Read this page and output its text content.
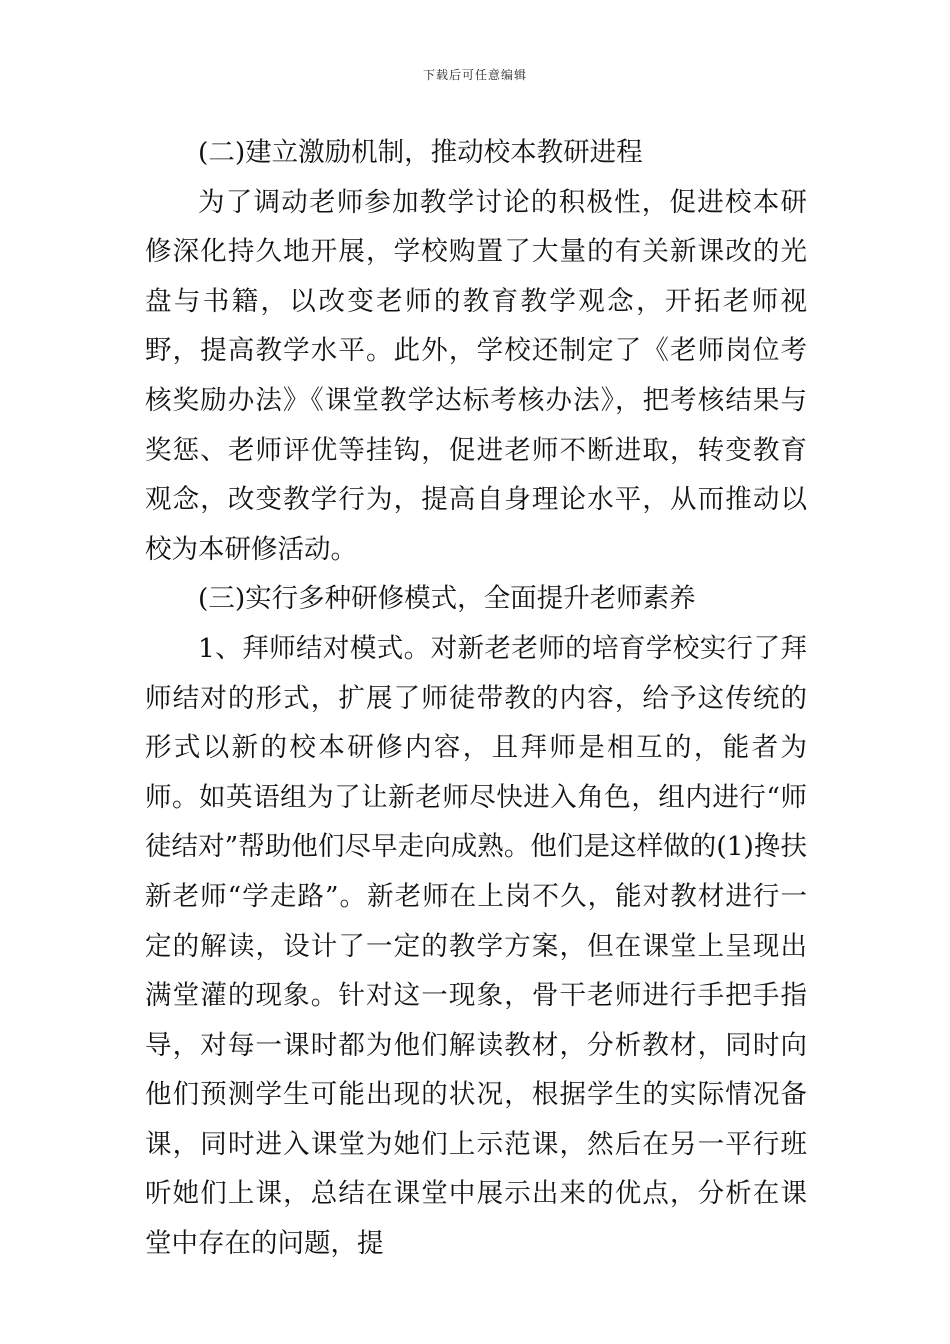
下载后可任意编辑

(二)建立激励机制，推动校本教研进程

为了调动老师参加教学讨论的积极性，促进校本研修深化持久地开展，学校购置了大量的有关新课改的光盘与书籍，以改变老师的教育教学观念，开拓老师视野，提高教学水平。此外，学校还制定了《老师岗位考核奖励办法》《课堂教学达标考核办法》，把考核结果与奖惩、老师评优等挂钩，促进老师不断进取，转变教育观念，改变教学行为，提高自身理论水平，从而推动以校为本研修活动。

(三)实行多种研修模式，全面提升老师素养

1、拜师结对模式。对新老老师的培育学校实行了拜师结对的形式，扩展了师徒带教的内容，给予这传统的形式以新的校本研修内容，且拜师是相互的，能者为师。如英语组为了让新老师尽快进入角色，组内进行“师徒结对”帮助他们尽早走向成熟。他们是这样做的(1)搀扶新老师“学走路”。新老师在上岗不久，能对教材进行一定的解读，设计了一定的教学方案，但在课堂上呈现出满堂灌的现象。针对这一现象，骨干老师进行手把手指导，对每一课时都为他们解读教材，分析教材，同时向他们预测学生可能出现的状况，根据学生的实际情况备课，同时进入课堂为她们上示范课，然后在另一平行班听她们上课，总结在课堂中展示出来的优点，分析在课堂中存在的问题，提
